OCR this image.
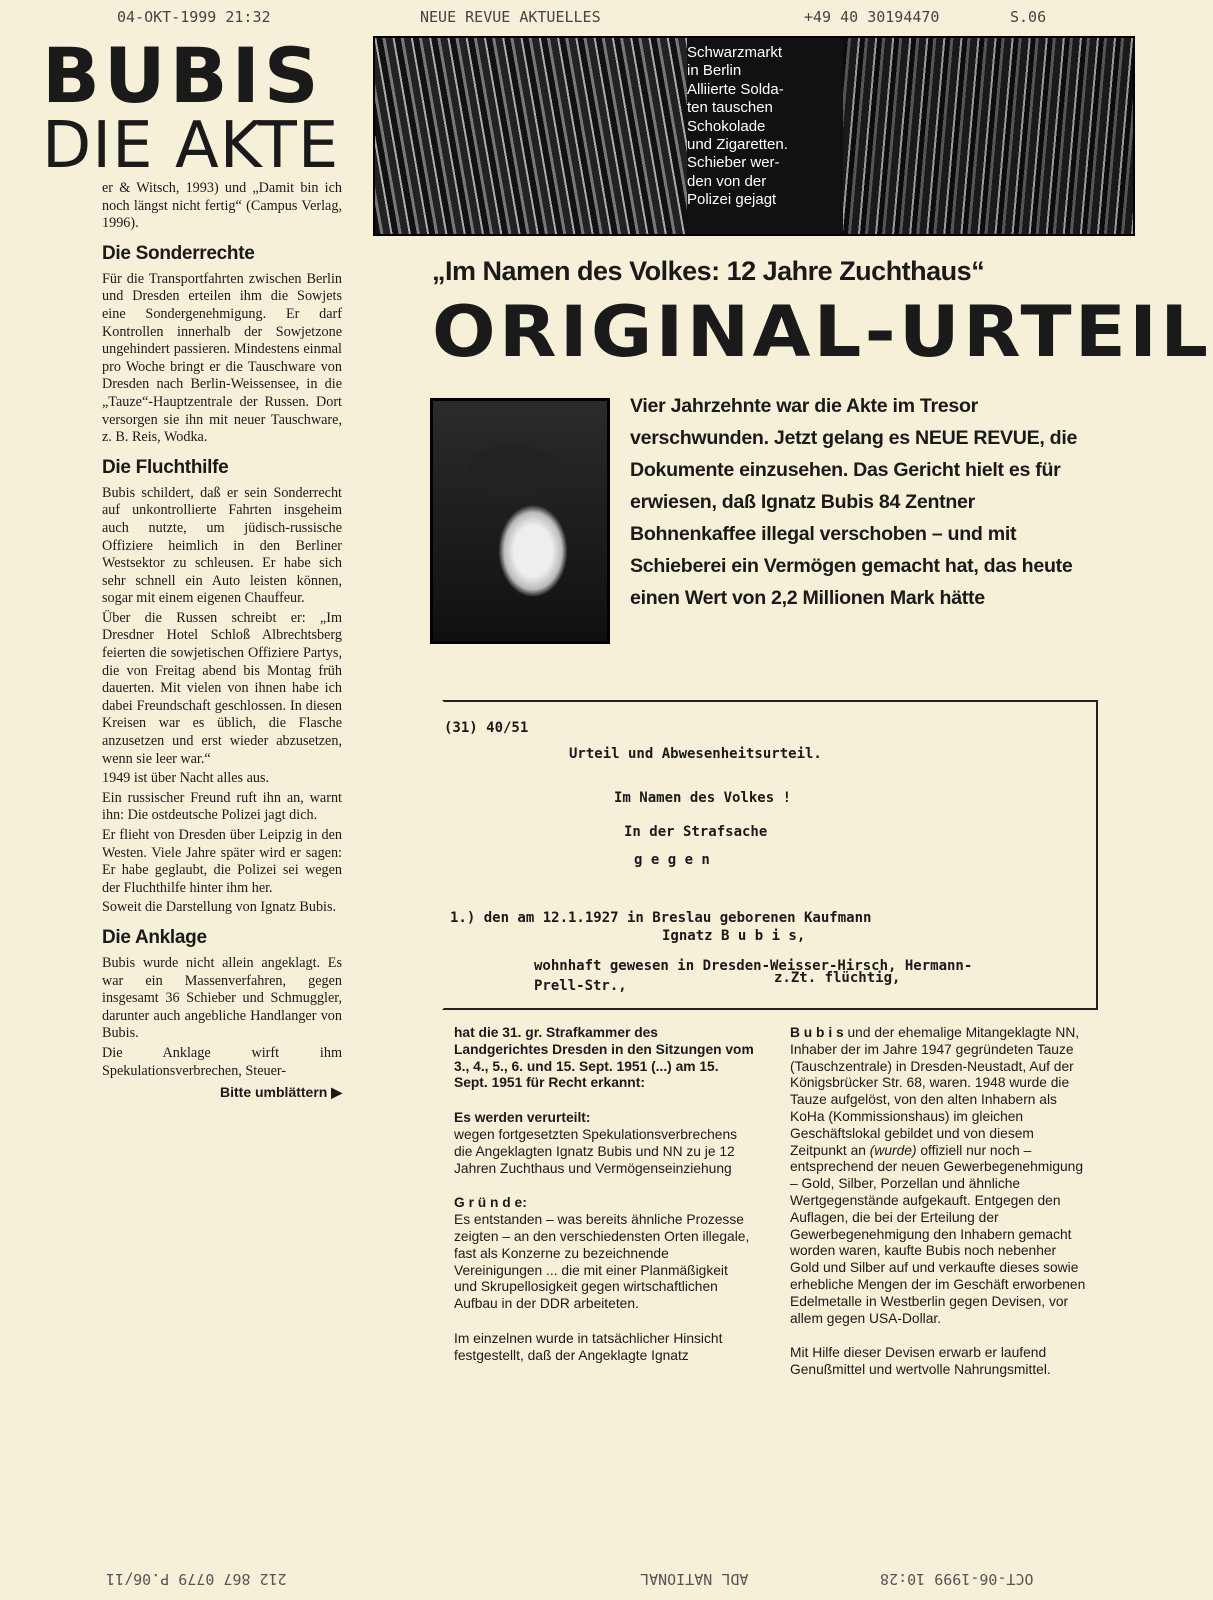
04-OKT-1999 21:32	NEUE REVUE AKTUELLES	+49 40 30194470	S.06
BUBIS
DIE AKTE
Schwarzmarkt
in Berlin
Alliierte Solda-
ten tauschen
Schokolade
und Zigaretten.
Schieber wer-
den von der
Polizei gejagt

er & Witsch, 1993) und „Damit bin ich noch längst nicht fertig“ (Campus Verlag, 1996).

Die Sonderrechte

Für die Transportfahrten zwischen Berlin und Dresden erteilen ihm die Sowjets eine Sondergenehmigung. Er darf Kontrollen innerhalb der Sowjetzone ungehindert passieren. Mindestens einmal pro Woche bringt er die Tauschware von Dresden nach Berlin-Weissensee, in die „Tauze“-Hauptzentrale der Russen. Dort versorgen sie ihn mit neuer Tauschware, z. B. Reis, Wodka.

Die Fluchthilfe

Bubis schildert, daß er sein Sonderrecht auf unkontrollierte Fahrten insgeheim auch nutzte, um jüdisch-russische Offiziere heimlich in den Berliner Westsektor zu schleusen. Er habe sich sehr schnell ein Auto leisten können, sogar mit einem eigenen Chauffeur.

Über die Russen schreibt er: „Im Dresdner Hotel Schloß Albrechtsberg feierten die sowjetischen Offiziere Partys, die von Freitag abend bis Montag früh dauerten. Mit vielen von ihnen habe ich dabei Freundschaft geschlossen. In diesen Kreisen war es üblich, die Flasche anzusetzen und erst wieder abzusetzen, wenn sie leer war.“

1949 ist über Nacht alles aus.

Ein russischer Freund ruft ihn an, warnt ihn: Die ostdeutsche Polizei jagt dich.

Er flieht von Dresden über Leipzig in den Westen. Viele Jahre später wird er sagen: Er habe geglaubt, die Polizei sei wegen der Fluchthilfe hinter ihm her.

Soweit die Darstellung von Ignatz Bubis.

Die Anklage

Bubis wurde nicht allein angeklagt. Es war ein Massenverfahren, gegen insgesamt 36 Schieber und Schmuggler, darunter auch angebliche Handlanger von Bubis.

Die Anklage wirft ihm Spekulationsverbrechen, Steuer-

Bitte umblättern ▶
„Im Namen des Volkes: 12 Jahre Zuchthaus“
ORIGINAL-URTEIL
Vier Jahrzehnte war die Akte im Tresor verschwunden. Jetzt gelang es NEUE REVUE, die Dokumente einzusehen. Das Gericht hielt es für erwiesen, daß Ignatz Bubis 84 Zentner Bohnenkaffee illegal verschoben – und mit Schieberei ein Vermögen gemacht hat, das heute einen Wert von 2,2 Millionen Mark hätte
(31) 40/51
Urteil und Abwesenheitsurteil.
Im Namen des Volkes !
In der Strafsache
g e g e n
1.) den am 12.1.1927 in Breslau geborenen Kaufmann
Ignatz B u b i s,
wohnhaft gewesen in Dresden-Weisser-Hirsch, Hermann-
Prell-Str.,	z.Zt. flüchtig,

hat die 31. gr. Strafkammer des Landgerichtes Dresden in den Sitzungen vom 3., 4., 5., 6. und 15. Sept. 1951 (...) am 15. Sept. 1951 für Recht erkannt:

Es werden verurteilt:

wegen fortgesetzten Spekulationsverbrechens die Angeklagten Ignatz Bubis und NN zu je 12 Jahren Zuchthaus und Vermögenseinziehung

G r ü n d e:

Es entstanden – was bereits ähnliche Prozesse zeigten – an den verschiedensten Orten illegale, fast als Konzerne zu bezeichnende Vereinigungen ... die mit einer Planmäßigkeit und Skrupellosigkeit gegen wirtschaftlichen Aufbau in der DDR arbeiteten.

Im einzelnen wurde in tatsächlicher Hinsicht festgestellt, daß der Angeklagte Ignatz

B u b i s und der ehemalige Mitangeklagte NN, Inhaber der im Jahre 1947 gegründeten Tauze (Tauschzentrale) in Dresden-Neustadt, Auf der Königsbrücker Str. 68, waren. 1948 wurde die Tauze aufgelöst, von den alten Inhabern als KoHa (Kommissionshaus) im gleichen Geschäftslokal gebildet und von diesem Zeitpunkt an (wurde) offiziell nur noch – entsprechend der neuen Gewerbegenehmigung – Gold, Silber, Porzellan und ähnliche Wertgegenstände aufgekauft. Entgegen den Auflagen, die bei der Erteilung der Gewerbegenehmigung den Inhabern gemacht worden waren, kaufte Bubis noch nebenher Gold und Silber auf und verkaufte dieses sowie erhebliche Mengen der im Geschäft erworbenen Edelmetalle in Westberlin gegen Devisen, vor allem gegen USA-Dollar.

Mit Hilfe dieser Devisen erwarb er laufend Genußmittel und wertvolle Nahrungsmittel.

212 867 0779 P.06/11	ADL NATIONAL	OCT-06-1999 10:28
